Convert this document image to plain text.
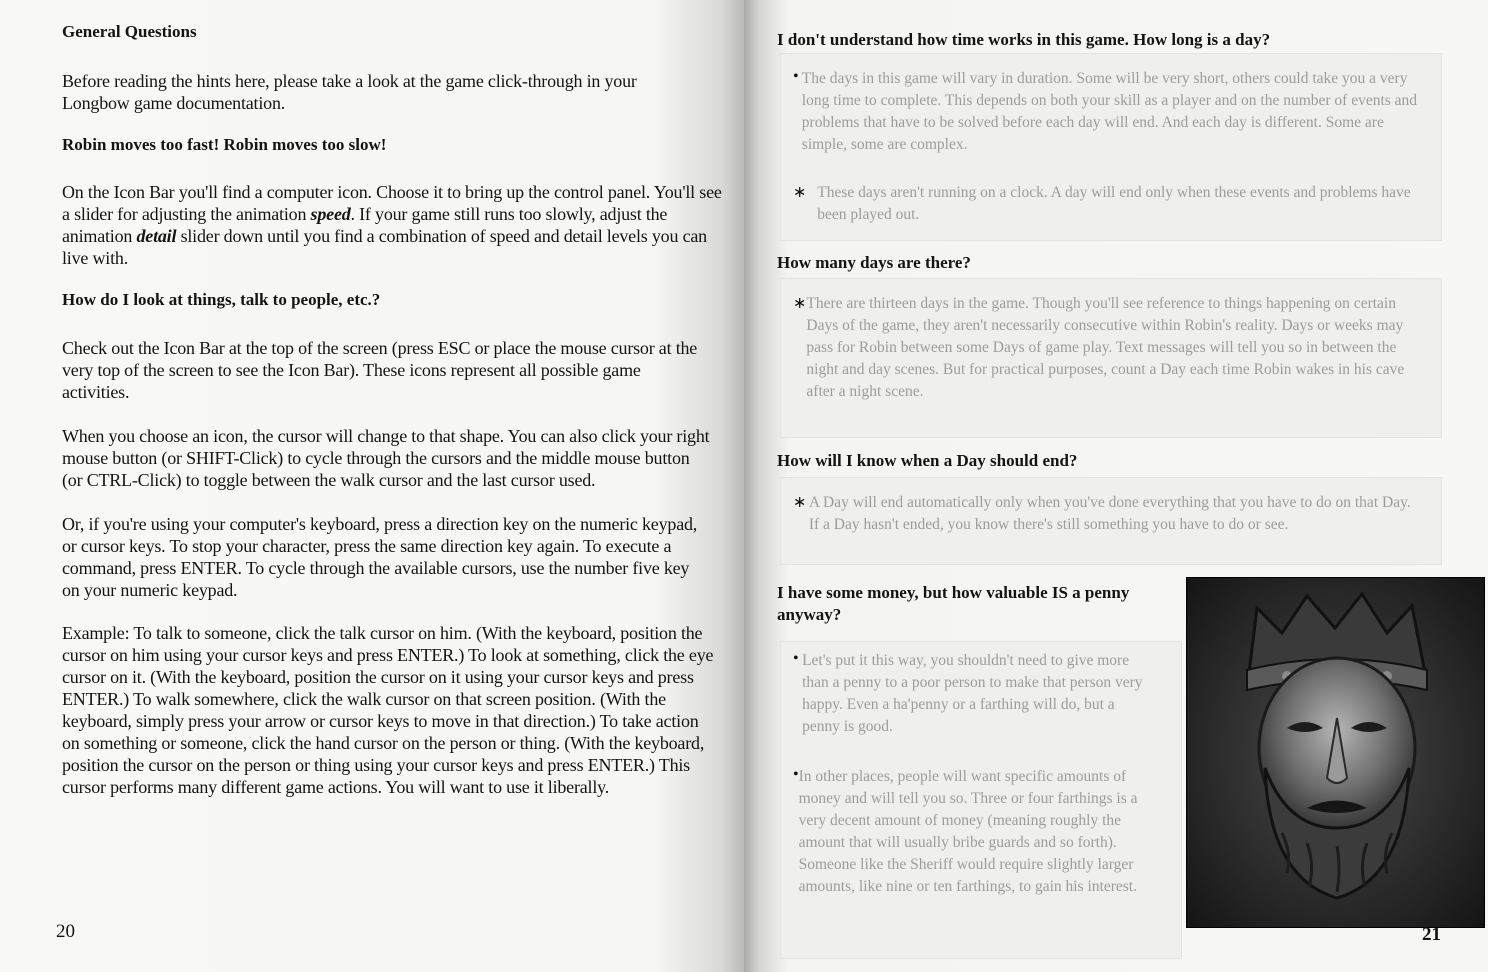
General Questions

Before reading the hints here, please take a look at the game click-through in your Longbow game documentation.

Robin moves too fast! Robin moves too slow!

On the Icon Bar you'll find a computer icon. Choose it to bring up the control panel. You'll see a slider for adjusting the animation speed. If your game still runs too slowly, adjust the animation detail slider down until you find a combination of speed and detail levels you can live with.

How do I look at things, talk to people, etc.?

Check out the Icon Bar at the top of the screen (press ESC or place the mouse cursor at the very top of the screen to see the Icon Bar). These icons represent all possible game activities.

When you choose an icon, the cursor will change to that shape. You can also click your right mouse button (or SHIFT-Click) to cycle through the cursors and the middle mouse button (or CTRL-Click) to toggle between the walk cursor and the last cursor used.

Or, if you're using your computer's keyboard, press a direction key on the numeric keypad, or cursor keys. To stop your character, press the same direction key again. To execute a command, press ENTER. To cycle through the available cursors, use the number five key on your numeric keypad.

Example: To talk to someone, click the talk cursor on him. (With the keyboard, position the cursor on him using your cursor keys and press ENTER.) To look at something, click the eye cursor on it. (With the keyboard, position the cursor on it using your cursor keys and press ENTER.) To walk somewhere, click the walk cursor on that screen position. (With the keyboard, simply press your arrow or cursor keys to move in that direction.) To take action on something or someone, click the hand cursor on the person or thing. (With the keyboard, position the cursor on the person or thing using your cursor keys and press ENTER.) This cursor performs many different game actions. You will want to use it liberally.

20
I don't understand how time works in this game. How long is a day?
• The days in this game will vary in duration. Some will be very short, others could take you a very long time to complete. This depends on both your skill as a player and on the number of events and problems that have to be solved before each day will end. And each day is different. Some are simple, some are complex.
∗ These days aren't running on a clock. A day will end only when these events and problems have been played out.
How many days are there?
∗ There are thirteen days in the game. Though you'll see reference to things happening on certain Days of the game, they aren't necessarily consecutive within Robin's reality. Days or weeks may pass for Robin between some Days of game play. Text messages will tell you so in between the night and day scenes. But for practical purposes, count a Day each time Robin wakes in his cave after a night scene.
How will I know when a Day should end?
∗ A Day will end automatically only when you've done everything that you have to do on that Day. If a Day hasn't ended, you know there's still something you have to do or see.
I have some money, but how valuable IS a penny anyway?
• Let's put it this way, you shouldn't need to give more than a penny to a poor person to make that person very happy. Even a ha'penny or a farthing will do, but a penny is good.
• In other places, people will want specific amounts of money and will tell you so. Three or four farthings is a very decent amount of money (meaning roughly the amount that will usually bribe guards and so forth). Someone like the Sheriff would require slightly larger amounts, like nine or ten farthings, to gain his interest.
21
